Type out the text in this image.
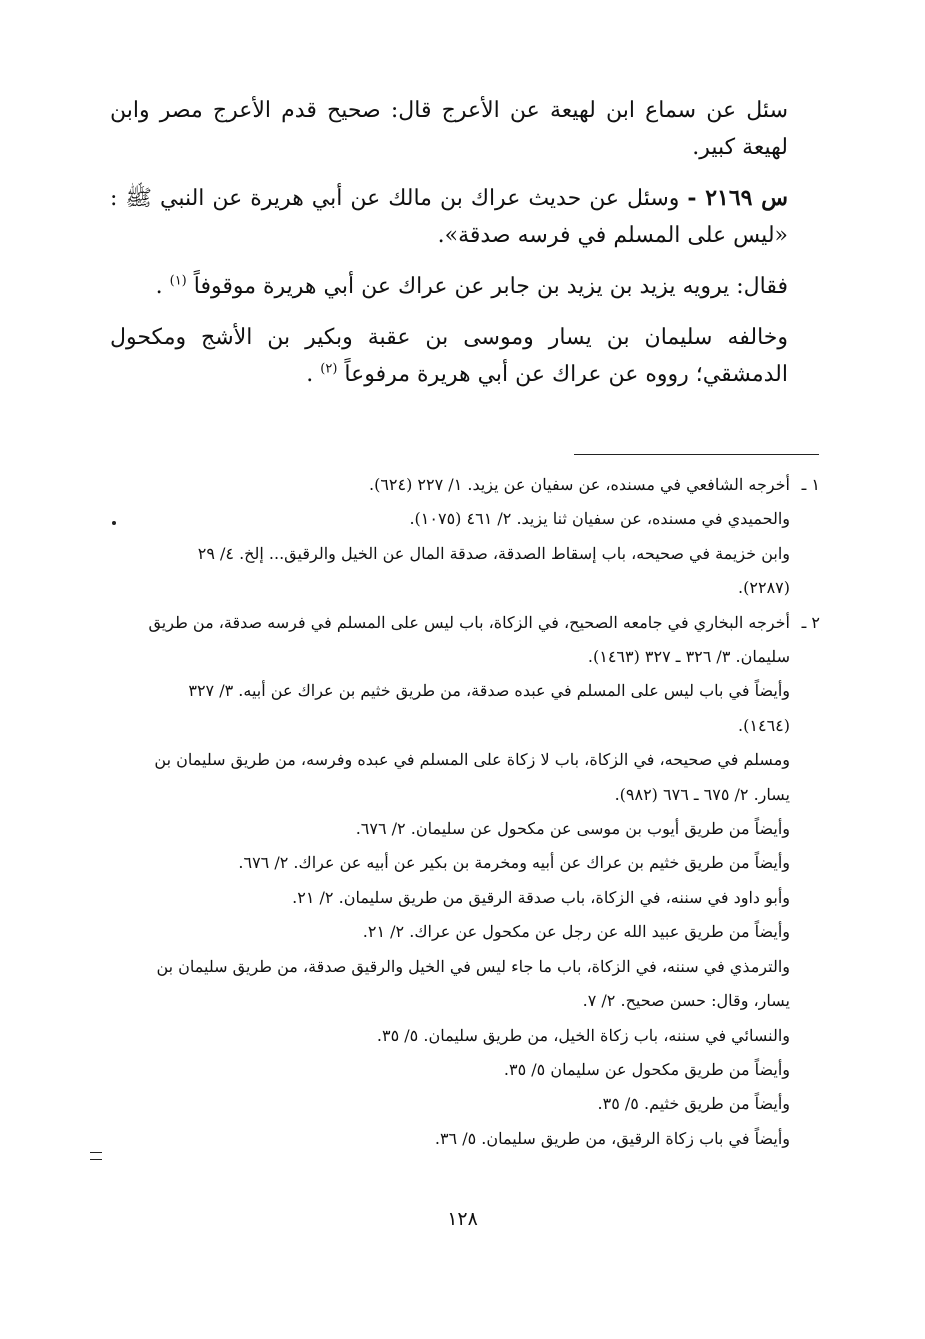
سئل عن سماع ابن لهيعة عن الأعرج قال: صحيح قدم الأعرج مصر وابن لهيعة كبير.

س ٢١٦٩ - وسئل عن حديث عراك بن مالك عن أبي هريرة عن النبي ﷺ : «ليس على المسلم في فرسه صدقة».

فقال: يرويه يزيد بن يزيد بن جابر عن عراك عن أبي هريرة موقوفاً $^{(١)}$ .

وخالفه سليمان بن يسار وموسى بن عقبة وبكير بن الأشج ومكحول الدمشقي؛ رووه عن عراك عن أبي هريرة مرفوعاً $^{(٢)}$ .

١ ـ
أخرجه الشافعي في مسنده، عن سفيان عن يزيد. ١/ ٢٢٧ (٦٢٤).
والحميدي في مسنده، عن سفيان ثنا يزيد. ٢/ ٤٦١ (١٠٧٥).
وابن خزيمة في صحيحه، باب إسقاط الصدقة، صدقة المال عن الخيل والرقيق... إلخ. ٤/ ٢٩
(٢٢٨٧).
٢ ـ
أخرجه البخاري في جامعه الصحيح، في الزكاة، باب ليس على المسلم في فرسه صدقة، من طريق
سليمان. ٣/ ٣٢٦ ـ ٣٢٧ (١٤٦٣).
وأيضاً في باب ليس على المسلم في عبده صدقة، من طريق خثيم بن عراك عن أبيه. ٣/ ٣٢٧
(١٤٦٤).
ومسلم في صحيحه، في الزكاة، باب لا زكاة على المسلم في عبده وفرسه، من طريق سليمان بن
يسار. ٢/ ٦٧٥ ـ ٦٧٦ (٩٨٢).
وأيضاً من طريق أيوب بن موسى عن مكحول عن سليمان. ٢/ ٦٧٦.
وأيضاً من طريق خثيم بن عراك عن أبيه ومخرمة بن بكير عن أبيه عن عراك. ٢/ ٦٧٦.
وأبو داود في سننه، في الزكاة، باب صدقة الرقيق من طريق سليمان. ٢/ ٢١.
وأيضاً من طريق عبيد الله عن رجل عن مكحول عن عراك. ٢/ ٢١.
والترمذي في سننه، في الزكاة، باب ما جاء ليس في الخيل والرقيق صدقة، من طريق سليمان بن
يسار، وقال: حسن صحيح. ٢/ ٧.
والنسائي في سننه، باب زكاة الخيل، من طريق سليمان. ٥/ ٣٥.
وأيضاً من طريق مكحول عن سليمان ٥/ ٣٥.
وأيضاً من طريق خثيم. ٥/ ٣٥.
وأيضاً في باب زكاة الرقيق، من طريق سليمان. ٥/ ٣٦.
١٢٨
